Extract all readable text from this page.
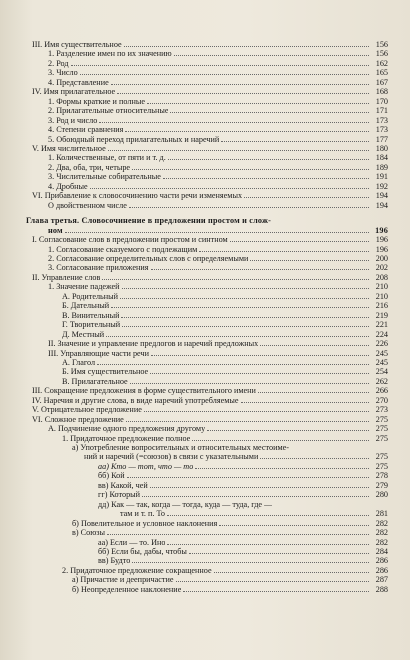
III. Имя существительное	156
1. Разделение имен по их значению	156
2. Род	162
3. Число	165
4. Представление	167
IV. Имя прилагательное	168
1. Формы краткие и полные	170
2. Прилагательные относительные	171
3. Род и число	173
4. Степени сравнения	173
5. Обоюдный переход прилагательных и наречий	177
V. Имя числительное	180
1. Количественные, от пяти и т. д.	184
2. Два, оба, три, четыре	189
3. Числительные собирательные	191
4. Дробные	192
VI. Прибавление к словосочинению части речи изменяемых	194
О двойственном числе	194
Глава третья. Словосочинение в предложении простом и слож-
ном	196
I. Согласование слов в предложении простом и синтном	196
1. Согласование сказуемого с подлежащим	196
2. Согласование определительных слов с определяемыми	200
3. Согласование приложения	202
II. Управление слов	208
1. Значение падежей	210
А. Родительный	210
Б. Дательный	216
В. Винительный	219
Г. Творительный	221
Д. Местный	224
II. Значение и управление предлогов и наречий предложных	226
III. Управляющие части речи	245
А. Глагол	245
Б. Имя существительное	254
В. Прилагательное	262
III. Сокращение предложения в форме существительного имени	266
IV. Наречия и другие слова, в виде наречий употребляемые	270
V. Отрицательное предложение	273
VI. Сложное предложение	275
А. Подчинение одного предложения другому	275
1. Придаточное предложение полное	275
а) Употребление вопросительных и относительных местоиме-
ний и наречий (=союзов) в связи с указательными	275
аа) Кто — тот, что — то	275
бб) Кой	278
вв) Какой, чей	279
гг) Который	280
дд) Как — так, когда — тогда, куда — туда, где —
там и т. п. То	281
б) Повелительное и условное наклонения	282
в) Союзы	282
аа) Если — то. Ино	282
бб) Если бы, дабы, чтобы	284
вв) Будто	286
2. Придаточное предложение сокращенное	286
а) Причастие и деепричастие	287
б) Неопределенное наклонение	288
